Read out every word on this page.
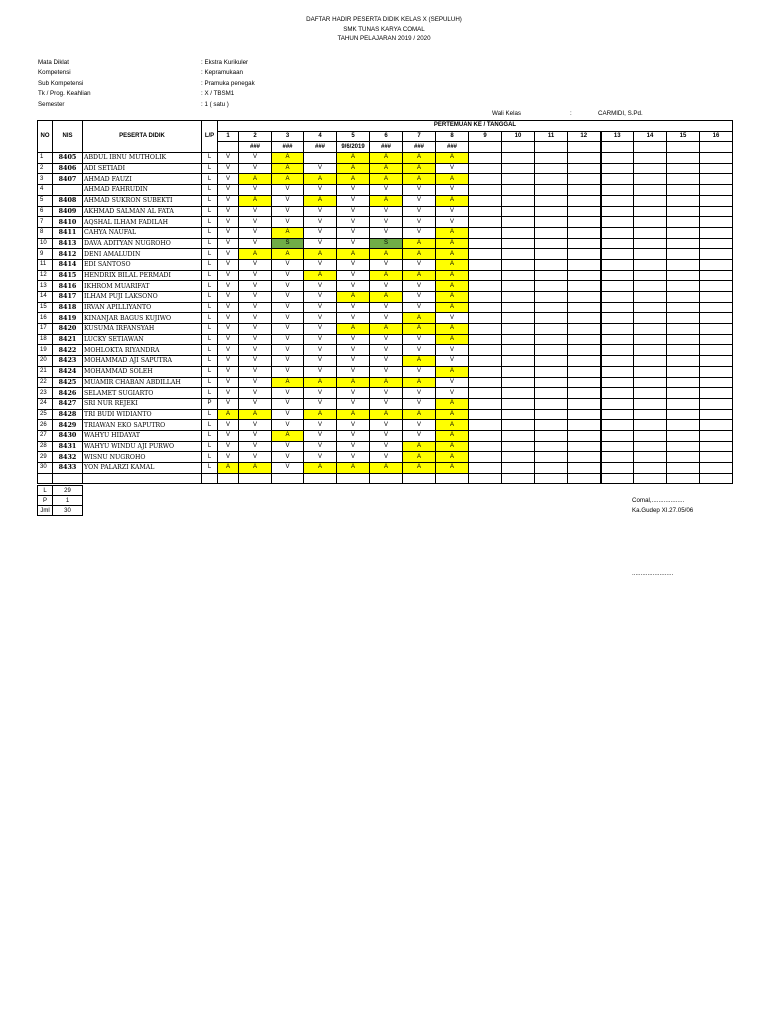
DAFTAR HADIR PESERTA DIDIK KELAS X (SEPULUH)
SMK TUNAS KARYA COMAL
TAHUN PELAJARAN 2019 / 2020
Mata Diklat	: Ekstra Kurikuler
Kompetensi	: Kepramukaan
Sub Kompetensi	: Pramuka penegak
Tk / Prog. Keahlian	: X / TBSM1
Semester	: 1 ( satu )
Wali Kelas	:	CARMIDI, S.Pd.
NO	NIS	PESERTA DIDIK	L/P	PERTEMUAN KE / TANGGAL															
				1	2	3	4	5	6	7	8	9	10	11	12	13	14	15	16
					###	###	###	9/6/2019	###	###	###								
1	8405	ABDUL IBNU MUTHOLIK	L	V	V	A		A	A	A	A								
2	8406	ADI SETIADI	L	V	V	A	V	A	A	A	V								
3	8407	AHMAD FAUZI	L	V	A	A	A	A	A	A	A								
4		AHMAD FAHRUDIN	L	V	V	V	V	V	V	V	V								
5	8408	AHMAD SUKRON SUBEKTI	L	V	A	V	A	V	A	V	A								
6	8409	AKHMAD SALMAN AL FATA	L	V	V	V	V	V	V	V	V								
7	8410	AQSHAL ILHAM FADILAH	L	V	V	V	V	V	V	V	V								
8	8411	CAHYA NAUFAL	L	V	V	A	V	V	V	V	A								
10	8413	DAVA ADITYAN NUGROHO	L	V	V	S	V	V	S	A	A								
9	8412	DENI AMALUDIN	L	V	A	A	A	A	A	A	A								
11	8414	EDI SANTOSO	L	V	V	V	V	V	V	V	A								
12	8415	HENDRIX BILAL PERMADI	L	V	V	V	A	V	A	A	A								
13	8416	IKHROM MUARIFAT	L	V	V	V	V	V	V	V	A								
14	8417	ILHAM PUJI LAKSONO	L	V	V	V	V	A	A	V	A								
15	8418	IRVAN APILLIYANTO	L	V	V	V	V	V	V	V	A								
16	8419	KINANJAR BAGUS KUJIWO	L	V	V	V	V	V	V	A	V								
17	8420	KUSUMA IRFANSYAH	L	V	V	V	V	A	A	A	A								
18	8421	LUCKY SETIAWAN	L	V	V	V	V	V	V	V	A								
19	8422	MOHLOKTA RIYANDRA	L	V	V	V	V	V	V	V	V								
20	8423	MOHAMMAD AJI SAPUTRA	L	V	V	V	V	V	V	A	V								
21	8424	MOHAMMAD SOLEH	L	V	V	V	V	V	V	V	A								
22	8425	MUAMIR CHABAN ABDILLAH	L	V	V	A	A	A	A	A	V								
23	8426	SELAMET SUGIARTO	L	V	V	V	V	V	V	V	V								
24	8427	SRI NUR REJEKI	P	V	V	V	V	V	V	V	A								
25	8428	TRI BUDI WIDIANTO	L	A	A	V	A	A	A	A	A								
26	8429	TRIAWAN EKO SAPUTRO	L	V	V	V	V	V	V	V	A								
27	8430	WAHYU HIDAYAT	L	V	V	A	V	V	V	V	A								
28	8431	WAHYU WINDU AJI PURWO	L	V	V	V	V	V	V	A	A								
29	8432	WISNU NUGROHO	L	V	V	V	V	V	V	A	A								
30	8433	YON PALARZI KAMAL	L	A	A	V	A	A	A	A	A								

L	29
P	1
Jml	30
Comal,...................
Ka.Gudep XI.27.05/06
........................
